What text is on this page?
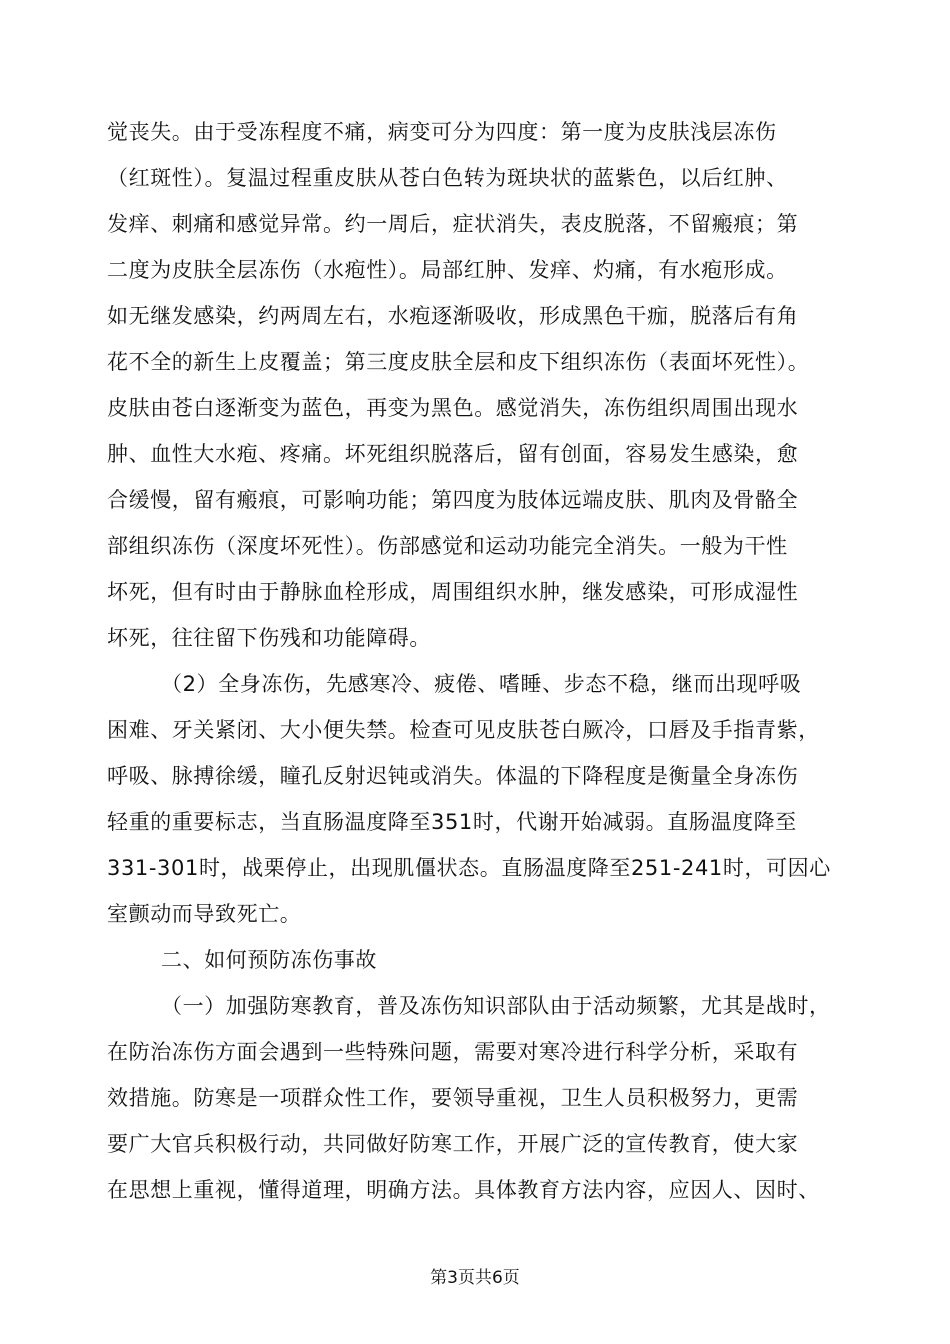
觉丧失。由于受冻程度不痛，病变可分为四度：第一度为皮肤浅层冻伤
（红斑性）。复温过程重皮肤从苍白色转为斑块状的蓝紫色，以后红肿、
发痒、刺痛和感觉异常。约一周后，症状消失，表皮脱落，不留瘢痕；第
二度为皮肤全层冻伤（水疱性）。局部红肿、发痒、灼痛，有水疱形成。
如无继发感染，约两周左右，水疱逐渐吸收，形成黑色干痂，脱落后有角
花不全的新生上皮覆盖；第三度皮肤全层和皮下组织冻伤（表面坏死性）。
皮肤由苍白逐渐变为蓝色，再变为黑色。感觉消失，冻伤组织周围出现水
肿、血性大水疱、疼痛。坏死组织脱落后，留有创面，容易发生感染，愈
合缓慢，留有瘢痕，可影响功能；第四度为肢体远端皮肤、肌肉及骨骼全
部组织冻伤（深度坏死性）。伤部感觉和运动功能完全消失。一般为干性
坏死，但有时由于静脉血栓形成，周围组织水肿，继发感染，可形成湿性
坏死，往往留下伤残和功能障碍。
（2）全身冻伤，先感寒冷、疲倦、嗜睡、步态不稳，继而出现呼吸
困难、牙关紧闭、大小便失禁。检查可见皮肤苍白厥冷，口唇及手指青紫，
呼吸、脉搏徐缓，瞳孔反射迟钝或消失。体温的下降程度是衡量全身冻伤
轻重的重要标志，当直肠温度降至351时，代谢开始减弱。直肠温度降至
331-301时，战栗停止，出现肌僵状态。直肠温度降至251-241时，可因心
室颤动而导致死亡。
二、如何预防冻伤事故
（一）加强防寒教育，普及冻伤知识部队由于活动频繁，尤其是战时，
在防治冻伤方面会遇到一些特殊问题，需要对寒冷进行科学分析，采取有
效措施。防寒是一项群众性工作，要领导重视，卫生人员积极努力，更需
要广大官兵积极行动，共同做好防寒工作，开展广泛的宣传教育，使大家
在思想上重视，懂得道理，明确方法。具体教育方法内容，应因人、因时、
第3页共6页
